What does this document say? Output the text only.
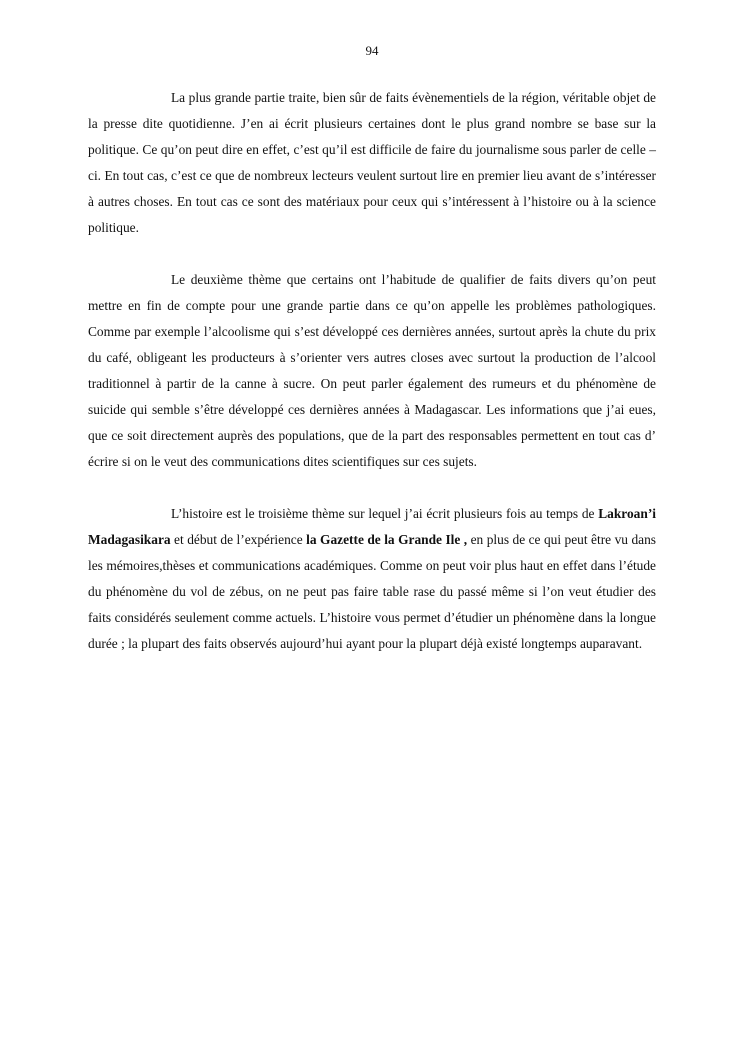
94

La plus grande partie traite, bien sûr de faits évènementiels de la région, véritable objet de la presse dite quotidienne. J’en ai écrit plusieurs certaines dont le plus grand nombre se base sur la politique. Ce qu’on peut dire en effet, c’est qu’il est difficile de faire du journalisme sous parler de celle –ci. En tout cas, c’est ce que de nombreux lecteurs veulent surtout lire en premier lieu avant de s’intéresser à autres choses. En tout cas ce sont des matériaux pour ceux qui s’intéressent à l’histoire ou à la science politique.

Le deuxième thème que certains ont l’habitude de qualifier de faits divers qu’on peut mettre en fin de compte pour une grande partie dans ce qu’on appelle les problèmes pathologiques. Comme par exemple l’alcoolisme qui s’est développé ces dernières années, surtout après la chute du prix du café, obligeant les producteurs à s’orienter vers autres closes avec surtout la production de l’alcool traditionnel à partir de la canne à sucre. On peut parler également des rumeurs et du phénomène de suicide qui semble s’être développé ces dernières années à Madagascar. Les informations que j’ai eues, que ce soit directement auprès des populations, que de la part des responsables permettent en tout cas d’ écrire si on le veut des communications dites scientifiques sur ces sujets.

L’histoire est le troisième thème sur lequel j’ai écrit plusieurs fois au temps de Lakroan’i Madagasikara et début de l’expérience la Gazette de la Grande Ile , en plus de ce qui peut être vu dans les mémoires,thèses et communications académiques. Comme on peut voir plus haut en effet dans l’étude du phénomène du vol de zébus, on ne peut pas faire table rase du passé même si l’on veut étudier des faits considérés seulement comme actuels. L’histoire vous permet d’étudier un phénomène dans la longue durée ; la plupart des faits observés aujourd’hui ayant pour la plupart déjà existé longtemps auparavant.
